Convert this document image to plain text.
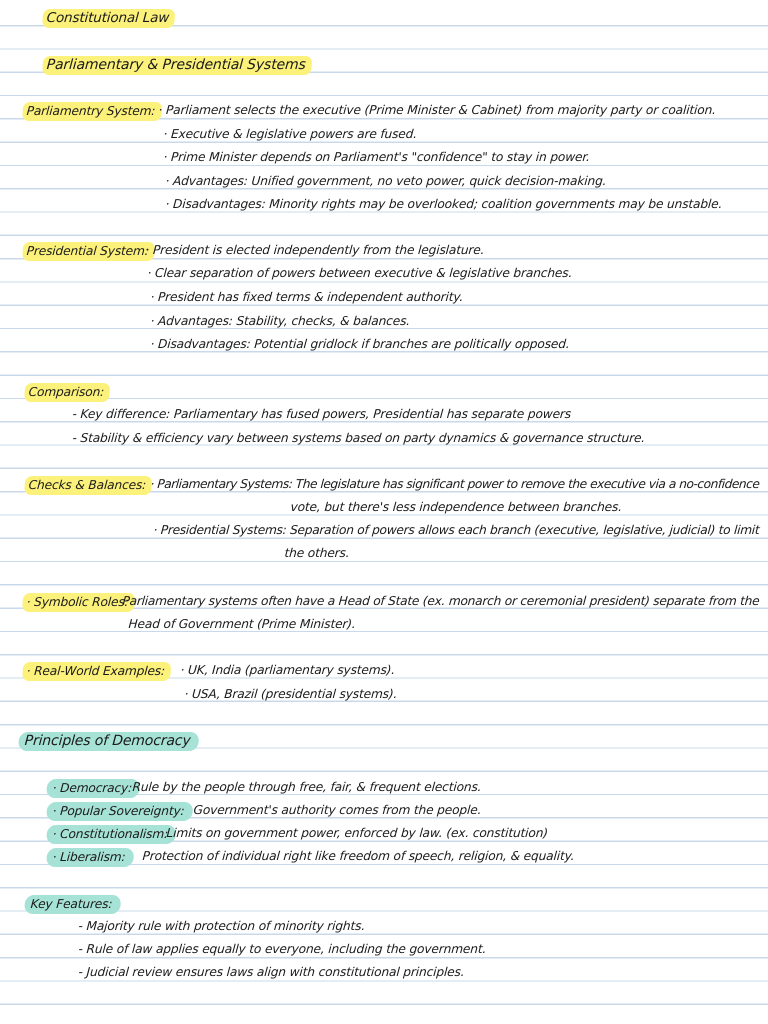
Constitutional Law
Parliamentary & Presidential Systems
Parliamentry System: · Parliament selects the executive (Prime Minister & Cabinet) from majority party or coalition.
· Executive & legislative powers are fused.
· Prime Minister depends on Parliament's "confidence" to stay in power.
· Advantages: Unified government, no veto power, quick decision-making.
· Disadvantages: Minority rights may be overlooked; coalition governments may be unstable.
Presidential System:
· President is elected independently from the legislature.
· Clear separation of powers between executive & legislative branches.
· President has fixed terms & independent authority.
· Advantages: Stability, checks, & balances.
· Disadvantages: Potential gridlock if branches are politically opposed.
Comparison:
- Key difference: Parliamentary has fused powers, Presidential has separate powers
- Stability & efficiency vary between systems based on party dynamics & governance structure.
Checks & Balances: · Parliamentary Systems: The legislature has significant power to remove the executive via a no-confidence
vote, but there's less independence between branches.
· Presidential Systems: Separation of powers allows each branch (executive, legislative, judicial) to limit
the others.
· Symbolic Roles:
Parliamentary systems often have a Head of State (ex. monarch or ceremonial president) separate from the
Head of Government (Prime Minister).
· Real-World Examples:	· UK, India (parliamentary systems).
· USA, Brazil (presidential systems).
Principles of Democracy
· Democracy: Rule by the people through free, fair, & frequent elections.
· Popular Sovereignty: Government's authority comes from the people.
· Constitutionalism:
Limits on government power, enforced by law. (ex. constitution)
· Liberalism:	Protection of individual right like freedom of speech, religion, & equality.
Key Features:
- Majority rule with protection of minority rights.
- Rule of law applies equally to everyone, including the government.
- Judicial review ensures laws align with constitutional principles.
